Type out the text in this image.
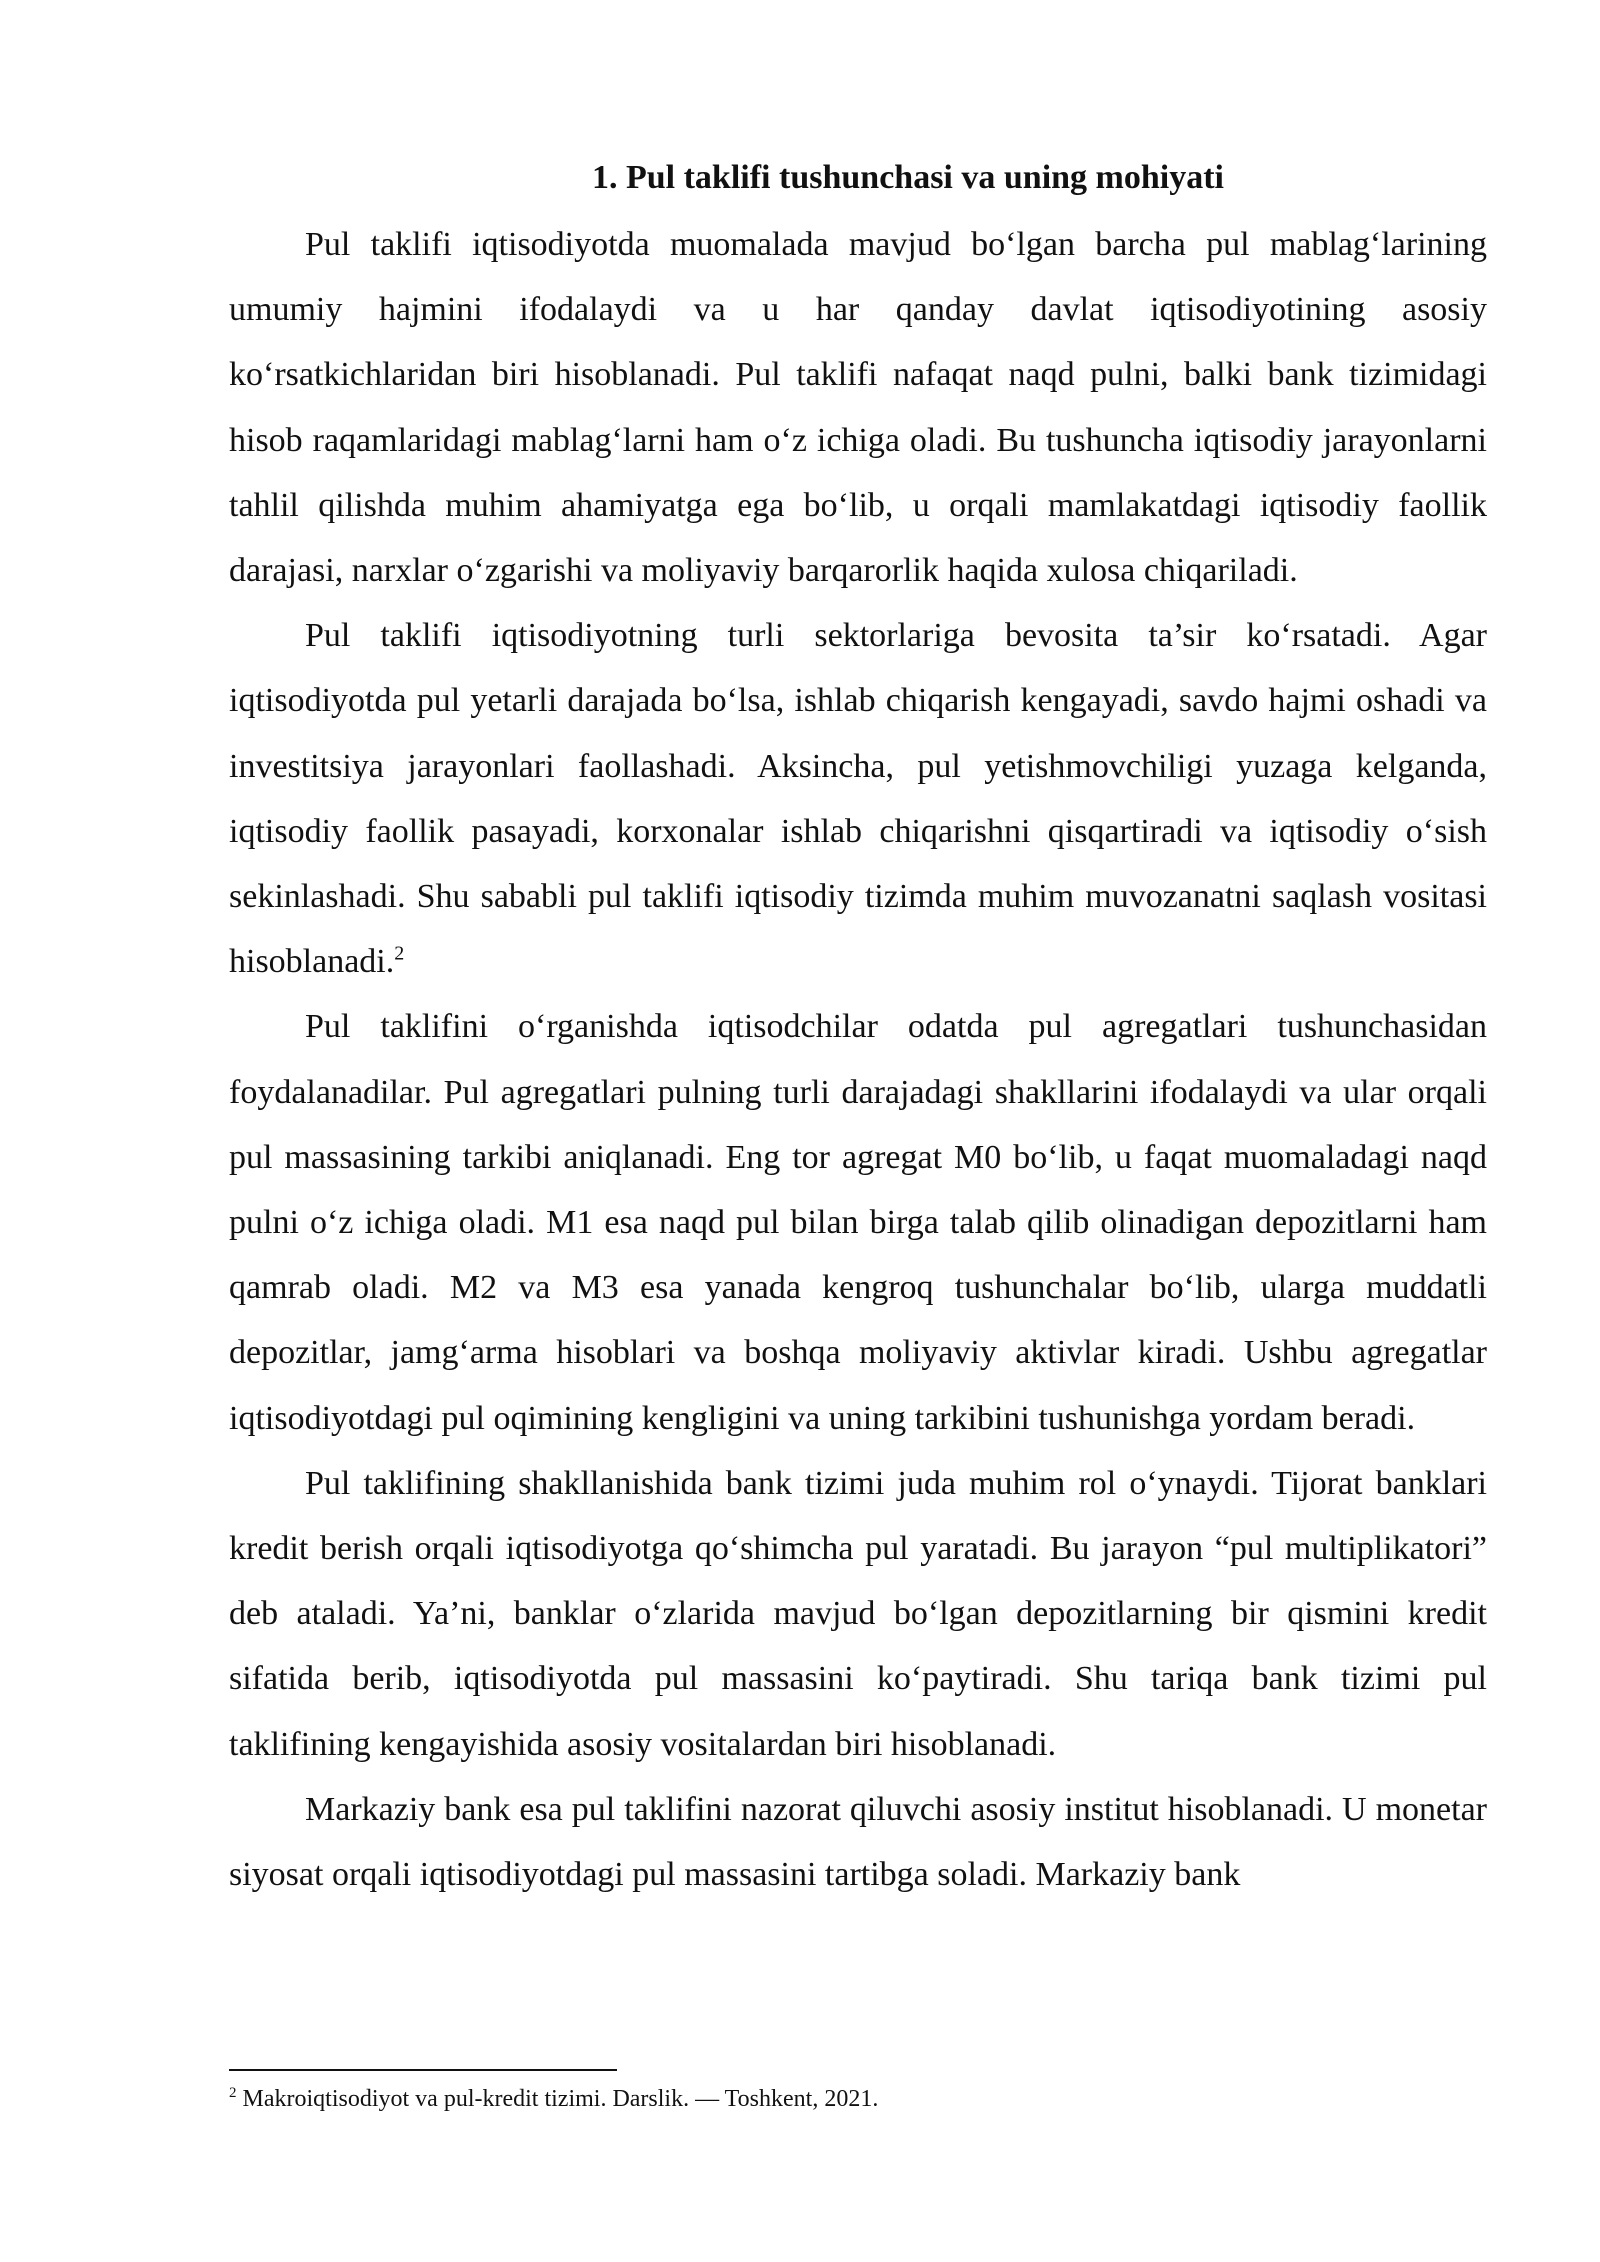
1. Pul taklifi tushunchasi va uning mohiyati

Pul taklifi iqtisodiyotda muomalada mavjud bo‘lgan barcha pul mablag‘larining umumiy hajmini ifodalaydi va u har qanday davlat iqtisodiyotining asosiy ko‘rsatkichlaridan biri hisoblanadi. Pul taklifi nafaqat naqd pulni, balki bank tizimidagi hisob raqamlaridagi mablag‘larni ham o‘z ichiga oladi. Bu tushuncha iqtisodiy jarayonlarni tahlil qilishda muhim ahamiyatga ega bo‘lib, u orqali mamlakatdagi iqtisodiy faollik darajasi, narxlar o‘zgarishi va moliyaviy barqarorlik haqida xulosa chiqariladi.

Pul taklifi iqtisodiyotning turli sektorlariga bevosita ta’sir ko‘rsatadi. Agar iqtisodiyotda pul yetarli darajada bo‘lsa, ishlab chiqarish kengayadi, savdo hajmi oshadi va investitsiya jarayonlari faollashadi. Aksincha, pul yetishmovchiligi yuzaga kelganda, iqtisodiy faollik pasayadi, korxonalar ishlab chiqarishni qisqartiradi va iqtisodiy o‘sish sekinlashadi. Shu sababli pul taklifi iqtisodiy tizimda muhim muvozanatni saqlash vositasi hisoblanadi.$^2$

Pul taklifini o‘rganishda iqtisodchilar odatda pul agregatlari tushunchasidan foydalanadilar. Pul agregatlari pulning turli darajadagi shakllarini ifodalaydi va ular orqali pul massasining tarkibi aniqlanadi. Eng tor agregat M0 bo‘lib, u faqat muomaladagi naqd pulni o‘z ichiga oladi. M1 esa naqd pul bilan birga talab qilib olinadigan depozitlarni ham qamrab oladi. M2 va M3 esa yanada kengroq tushunchalar bo‘lib, ularga muddatli depozitlar, jamg‘arma hisoblari va boshqa moliyaviy aktivlar kiradi. Ushbu agregatlar iqtisodiyotdagi pul oqimining kengligini va uning tarkibini tushunishga yordam beradi.

Pul taklifining shakllanishida bank tizimi juda muhim rol o‘ynaydi. Tijorat banklari kredit berish orqali iqtisodiyotga qo‘shimcha pul yaratadi. Bu jarayon “pul multiplikatori” deb ataladi. Ya’ni, banklar o‘zlarida mavjud bo‘lgan depozitlarning bir qismini kredit sifatida berib, iqtisodiyotda pul massasini ko‘paytiradi. Shu tariqa bank tizimi pul taklifining kengayishida asosiy vositalardan biri hisoblanadi.

Markaziy bank esa pul taklifini nazorat qiluvchi asosiy institut hisoblanadi. U monetar siyosat orqali iqtisodiyotdagi pul massasini tartibga soladi. Markaziy bank

$^2$ Makroiqtisodiyot va pul-kredit tizimi. Darslik. — Toshkent, 2021.
